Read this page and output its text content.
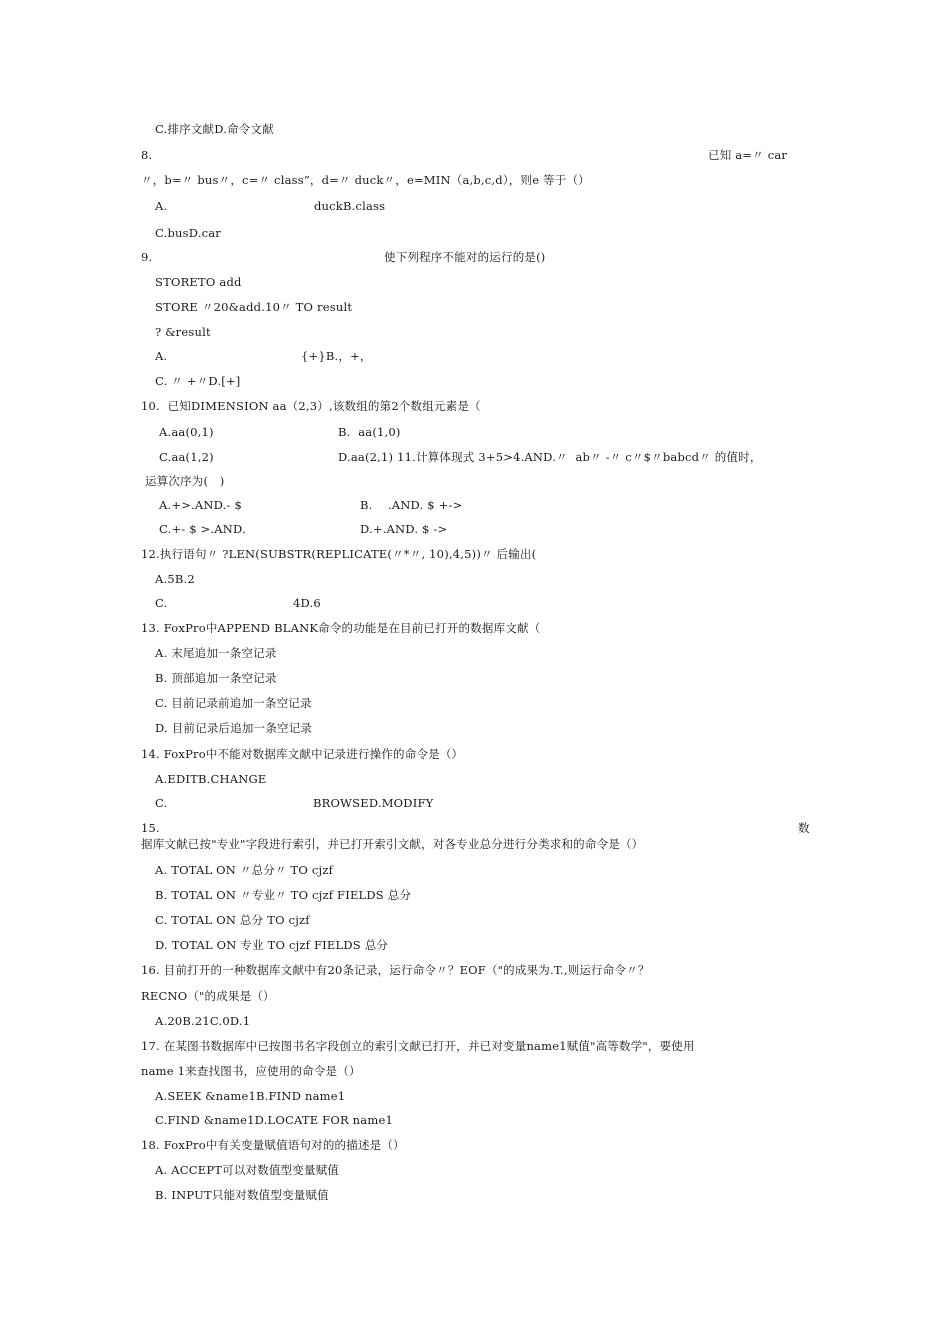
C.排序文献D.命令文献
8.	已知 a=〃 car
〃，b=〃 bus〃，c=〃 class”，d=〃 duck〃，e=MIN（a,b,c,d），则e 等于（）
A.	duckB.class
C.busD.car
9.	使下列程序不能对的运行的是()
STORETO add
STORE 〃20&add.10〃 TO result
? &result
A.	{+}B.，+，
C. 〃 +〃D.[+]
10.  已知DIMENSION aa（2,3）,该数组的第2个数组元素是（
A.aa(0,1)	B.  aa(1,0)
C.aa(1,2)	D.aa(2,1) 11.计算体现式 3+5>4.AND.〃  ab〃 -〃 c〃$〃babcd〃 的值时，
运算次序为(   )
A.+>.AND.- $	B.    .AND. $ +->
C.+- $ >.AND.	D.+.AND. $ ->
12.执行语句〃 ?LEN(SUBSTR(REPLICATE(〃*〃, 10),4,5))〃 后输出(
A.5B.2
C.	4D.6
13. FoxPro中APPEND BLANK命令的功能是在目前已打开的数据库文献（
A. 末尾追加一条空记录
B. 顶部追加一条空记录
C. 目前记录前追加一条空记录
D. 目前记录后追加一条空记录
14. FoxPro中不能对数据库文献中记录进行操作的命令是（）
A.EDITB.CHANGE
C.	BROWSED.MODIFY
15.	数
据库文献已按"专业"字段进行索引，并已打开索引文献，对各专业总分进行分类求和的命令是（）
A. TOTAL ON 〃总分〃 TO cjzf
B. TOTAL ON 〃专业〃 TO cjzf FIELDS 总分
C. TOTAL ON 总分 TO cjzf
D. TOTAL ON 专业 TO cjzf FIELDS 总分
16. 目前打开的一种数据库文献中有20条记录，运行命令〃？EOF（"的成果为.T.,则运行命令〃？
RECNO（"的成果是（）
A.20B.21C.0D.1
17. 在某图书数据库中已按图书名字段创立的索引文献已打开，并已对变量name1赋值"高等数学"，要使用
name 1来查找图书，应使用的命令是（）
A.SEEK &name1B.FIND name1
C.FIND &name1D.LOCATE FOR name1
18. FoxPro中有关变量赋值语句对的的描述是（）
A. ACCEPT可以对数值型变量赋值
B. INPUT只能对数值型变量赋值
